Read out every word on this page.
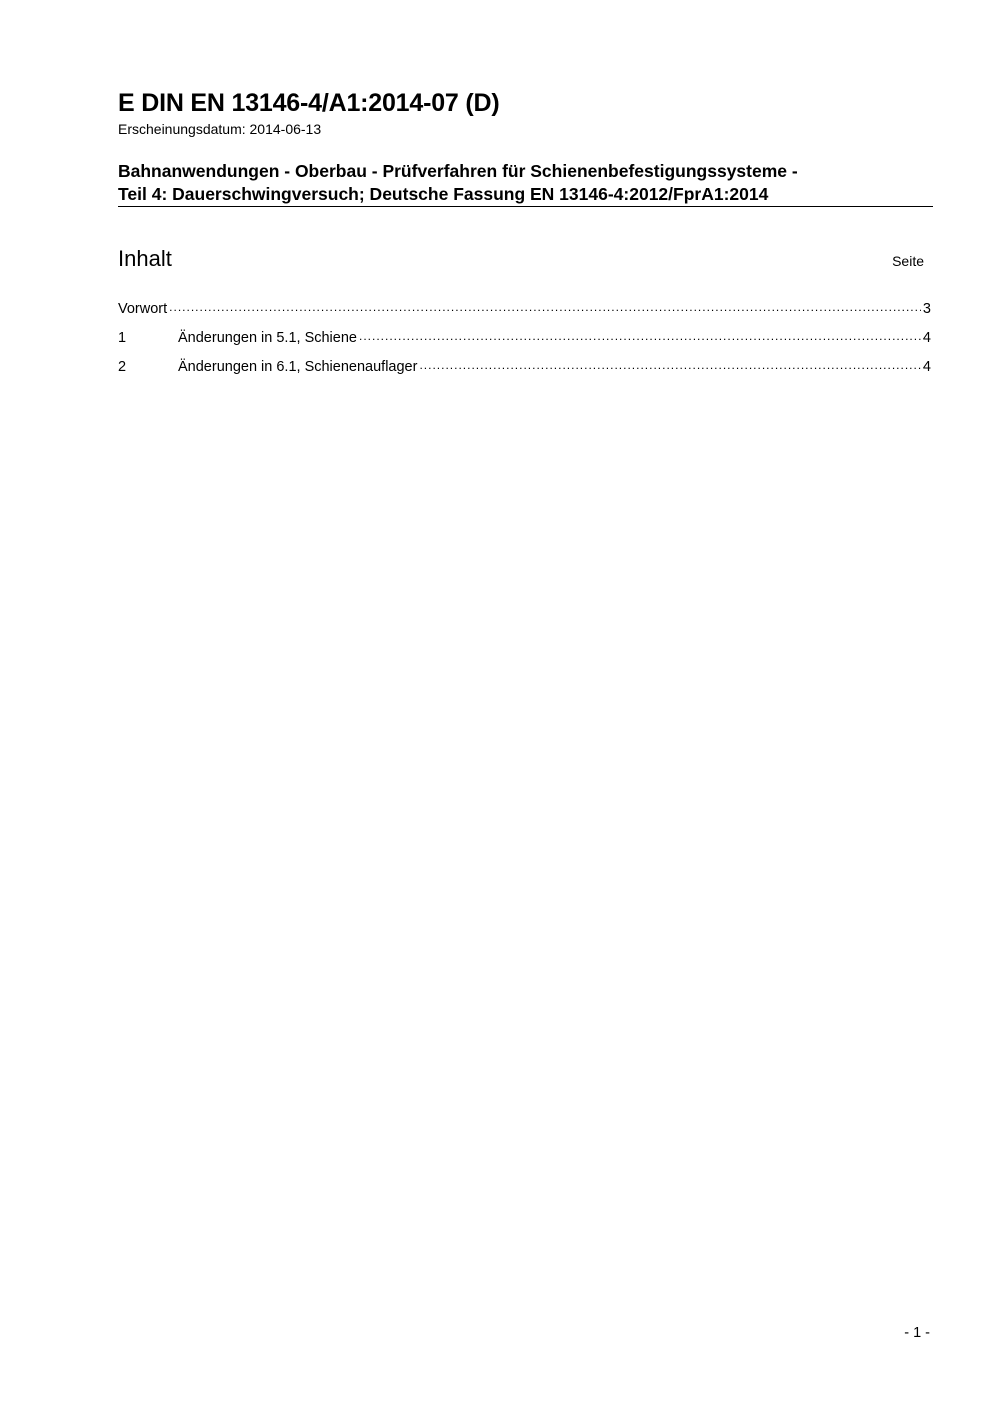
E DIN EN 13146-4/A1:2014-07 (D)
Erscheinungsdatum: 2014-06-13
Bahnanwendungen - Oberbau - Prüfverfahren für Schienenbefestigungssysteme -
Teil 4: Dauerschwingversuch; Deutsche Fassung EN 13146-4:2012/FprA1:2014
Inhalt	Seite
Vorwort .....	3
1	Änderungen in 5.1, Schiene .....	4
2	Änderungen in 6.1, Schienenauflager .....	4
- 1 -
